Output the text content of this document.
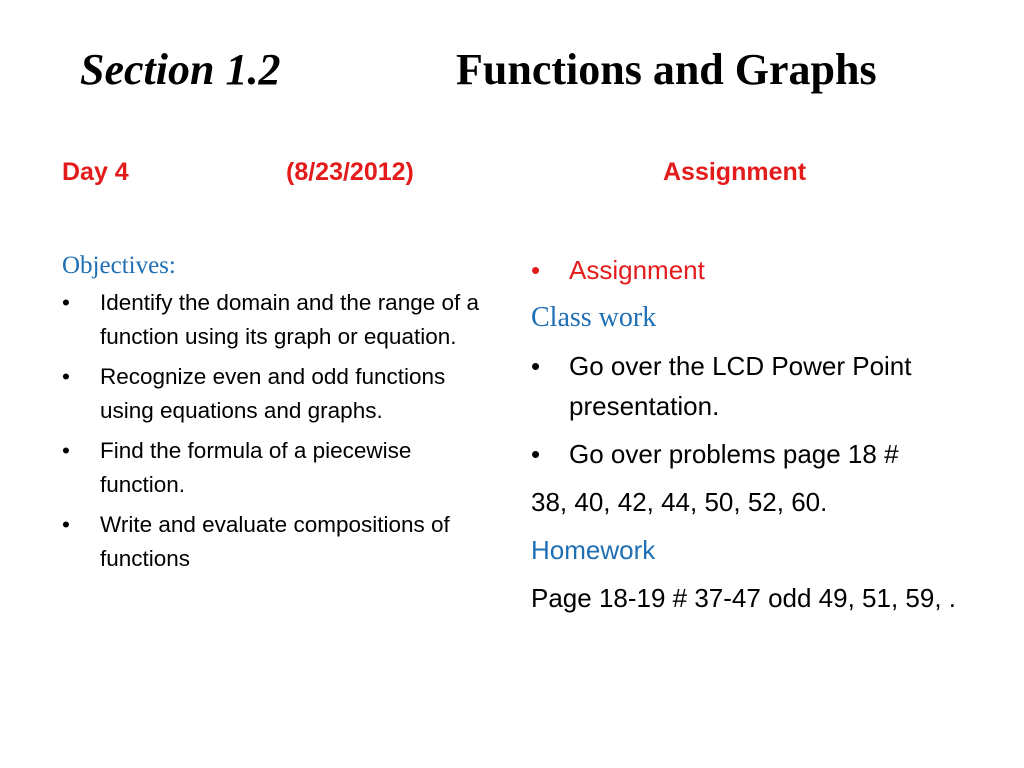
Section 1.2	Functions and Graphs
Day 4	(8/23/2012)	Assignment
Objectives:
• Identify the domain and the range of a function using its graph or equation.
• Recognize even and odd functions using equations and graphs.
• Find the formula of a piecewise function.
• Write and evaluate compositions of functions
• Assignment
Class work
• Go over the LCD Power Point presentation.
• Go over problems page 18 #
38, 40, 42, 44, 50, 52, 60.
Homework
Page 18-19 # 37-47 odd 49, 51, 59, .
